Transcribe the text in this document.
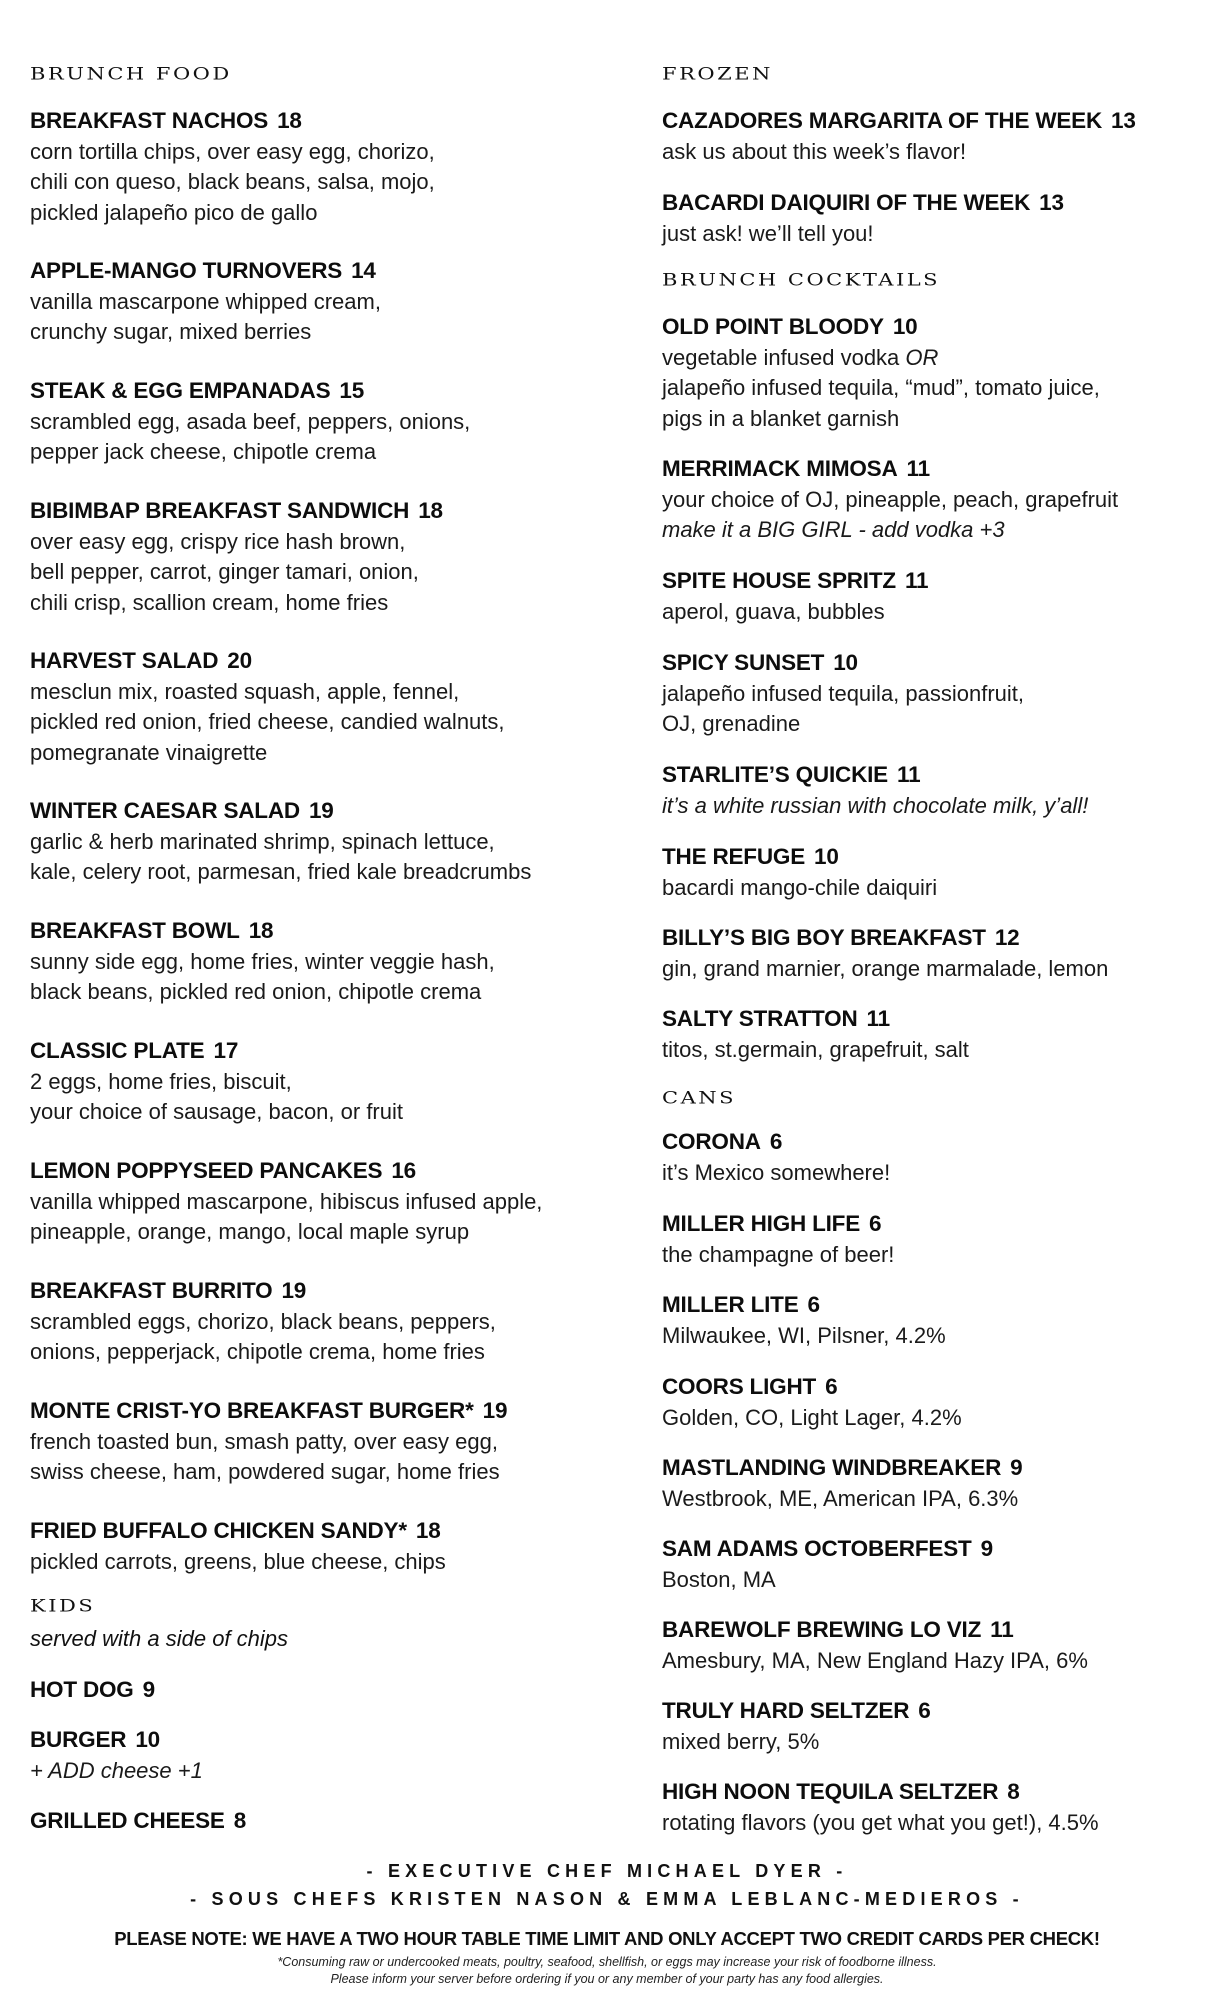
BRUNCH FOOD
BREAKFAST NACHOS 18
corn tortilla chips, over easy egg, chorizo,
chili con queso, black beans, salsa, mojo,
pickled jalapeño pico de gallo
APPLE-MANGO TURNOVERS 14
vanilla mascarpone whipped cream,
crunchy sugar, mixed berries
STEAK & EGG EMPANADAS 15
scrambled egg, asada beef, peppers, onions,
pepper jack cheese, chipotle crema
BIBIMBAP BREAKFAST SANDWICH 18
over easy egg, crispy rice hash brown,
bell pepper, carrot, ginger tamari, onion,
chili crisp, scallion cream, home fries
HARVEST SALAD 20
mesclun mix, roasted squash, apple, fennel,
pickled red onion, fried cheese, candied walnuts,
pomegranate vinaigrette
WINTER CAESAR SALAD 19
garlic & herb marinated shrimp, spinach lettuce,
kale, celery root, parmesan, fried kale breadcrumbs
BREAKFAST BOWL 18
sunny side egg, home fries, winter veggie hash,
black beans, pickled red onion, chipotle crema
CLASSIC PLATE 17
2 eggs, home fries, biscuit,
your choice of sausage, bacon, or fruit
LEMON POPPYSEED PANCAKES 16
vanilla whipped mascarpone, hibiscus infused apple,
pineapple, orange, mango, local maple syrup
BREAKFAST BURRITO 19
scrambled eggs, chorizo, black beans, peppers,
onions, pepperjack, chipotle crema, home fries
MONTE CRIST-YO BREAKFAST BURGER* 19
french toasted bun, smash patty, over easy egg,
swiss cheese, ham, powdered sugar, home fries
FRIED BUFFALO CHICKEN SANDY* 18
pickled carrots, greens, blue cheese, chips
KIDS
served with a side of chips
HOT DOG 9
BURGER 10
+ ADD cheese +1
GRILLED CHEESE 8
FROZEN
CAZADORES MARGARITA OF THE WEEK 13
ask us about this week’s flavor!
BACARDI DAIQUIRI OF THE WEEK 13
just ask! we’ll tell you!
BRUNCH COCKTAILS
OLD POINT BLOODY 10
vegetable infused vodka OR
jalapeño infused tequila, “mud”, tomato juice,
pigs in a blanket garnish
MERRIMACK MIMOSA 11
your choice of OJ, pineapple, peach, grapefruit
make it a BIG GIRL - add vodka +3
SPITE HOUSE SPRITZ 11
aperol, guava, bubbles
SPICY SUNSET 10
jalapeño infused tequila, passionfruit,
OJ, grenadine
STARLITE’S QUICKIE 11
it’s a white russian with chocolate milk, y’all!
THE REFUGE 10
bacardi mango-chile daiquiri
BILLY’S BIG BOY BREAKFAST 12
gin, grand marnier, orange marmalade, lemon
SALTY STRATTON 11
titos, st.germain, grapefruit, salt
CANS
CORONA 6
it’s Mexico somewhere!
MILLER HIGH LIFE 6
the champagne of beer!
MILLER LITE 6
Milwaukee, WI, Pilsner, 4.2%
COORS LIGHT 6
Golden, CO, Light Lager, 4.2%
MASTLANDING WINDBREAKER 9
Westbrook, ME, American IPA, 6.3%
SAM ADAMS OCTOBERFEST 9
Boston, MA
BAREWOLF BREWING LO VIZ 11
Amesbury, MA, New England Hazy IPA, 6%
TRULY HARD SELTZER 6
mixed berry, 5%
HIGH NOON TEQUILA SELTZER 8
rotating flavors (you get what you get!), 4.5%
- EXECUTIVE CHEF MICHAEL DYER -
- SOUS CHEFS KRISTEN NASON & EMMA LEBLANC-MEDIEROS -
PLEASE NOTE: WE HAVE A TWO HOUR TABLE TIME LIMIT AND ONLY ACCEPT TWO CREDIT CARDS PER CHECK!
*Consuming raw or undercooked meats, poultry, seafood, shellfish, or eggs may increase your risk of foodborne illness.
Please inform your server before ordering if you or any member of your party has any food allergies.
